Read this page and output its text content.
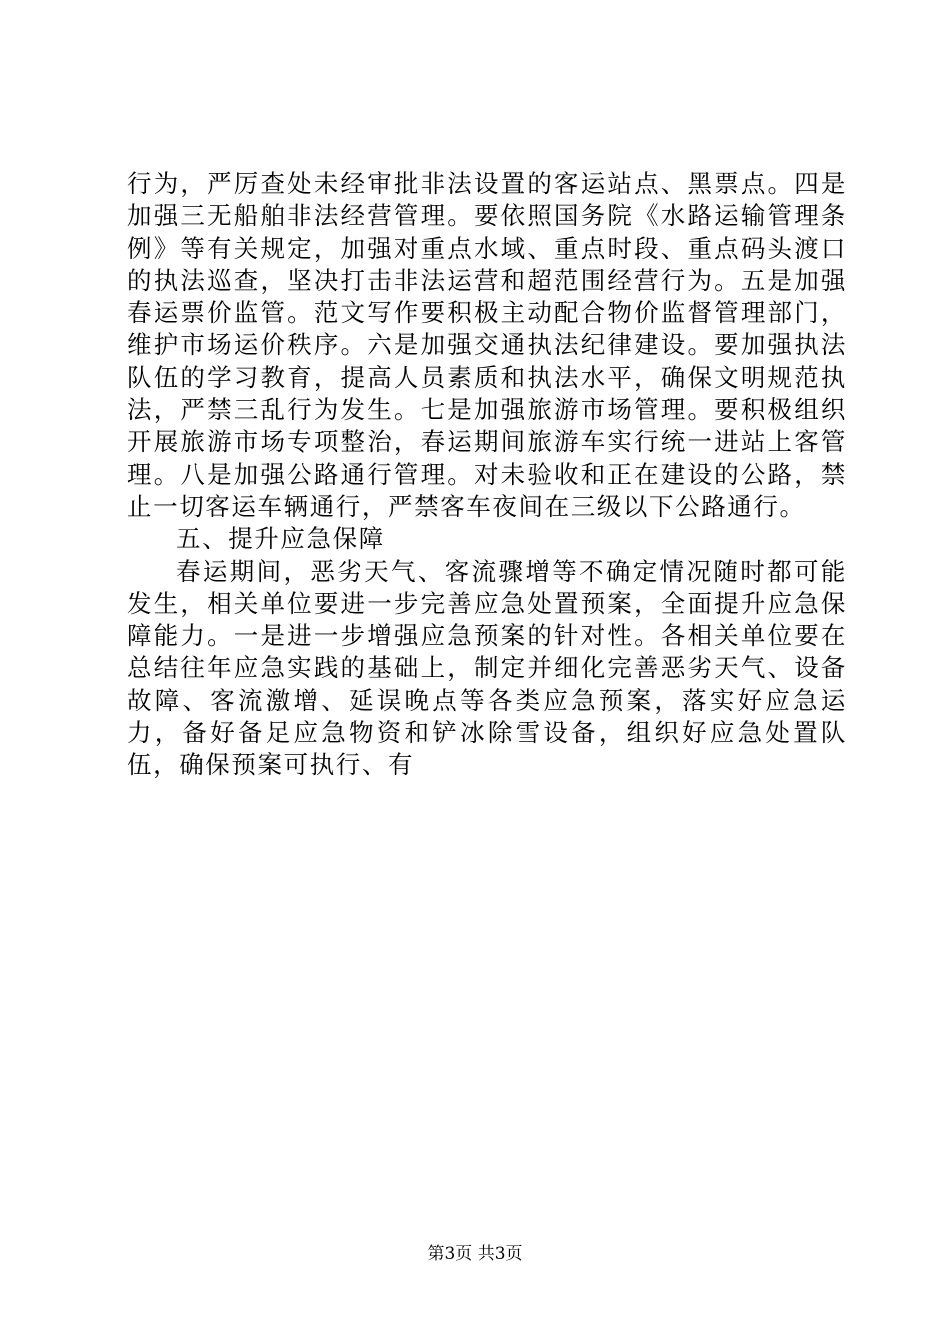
行为，严厉查处未经审批非法设置的客运站点、黑票点。四是加强三无船舶非法经营管理。要依照国务院《水路运输管理条例》等有关规定，加强对重点水域、重点时段、重点码头渡口的执法巡查，坚决打击非法运营和超范围经营行为。五是加强春运票价监管。范文写作要积极主动配合物价监督管理部门，维护市场运价秩序。六是加强交通执法纪律建设。要加强执法队伍的学习教育，提高人员素质和执法水平，确保文明规范执法，严禁三乱行为发生。七是加强旅游市场管理。要积极组织开展旅游市场专项整治，春运期间旅游车实行统一进站上客管理。八是加强公路通行管理。对未验收和正在建设的公路，禁止一切客运车辆通行，严禁客车夜间在三级以下公路通行。

五、提升应急保障

春运期间，恶劣天气、客流骤增等不确定情况随时都可能发生，相关单位要进一步完善应急处置预案，全面提升应急保障能力。一是进一步增强应急预案的针对性。各相关单位要在总结往年应急实践的基础上，制定并细化完善恶劣天气、设备故障、客流激增、延误晚点等各类应急预案，落实好应急运力，备好备足应急物资和铲冰除雪设备，组织好应急处置队伍，确保预案可执行、有

第3页 共3页
